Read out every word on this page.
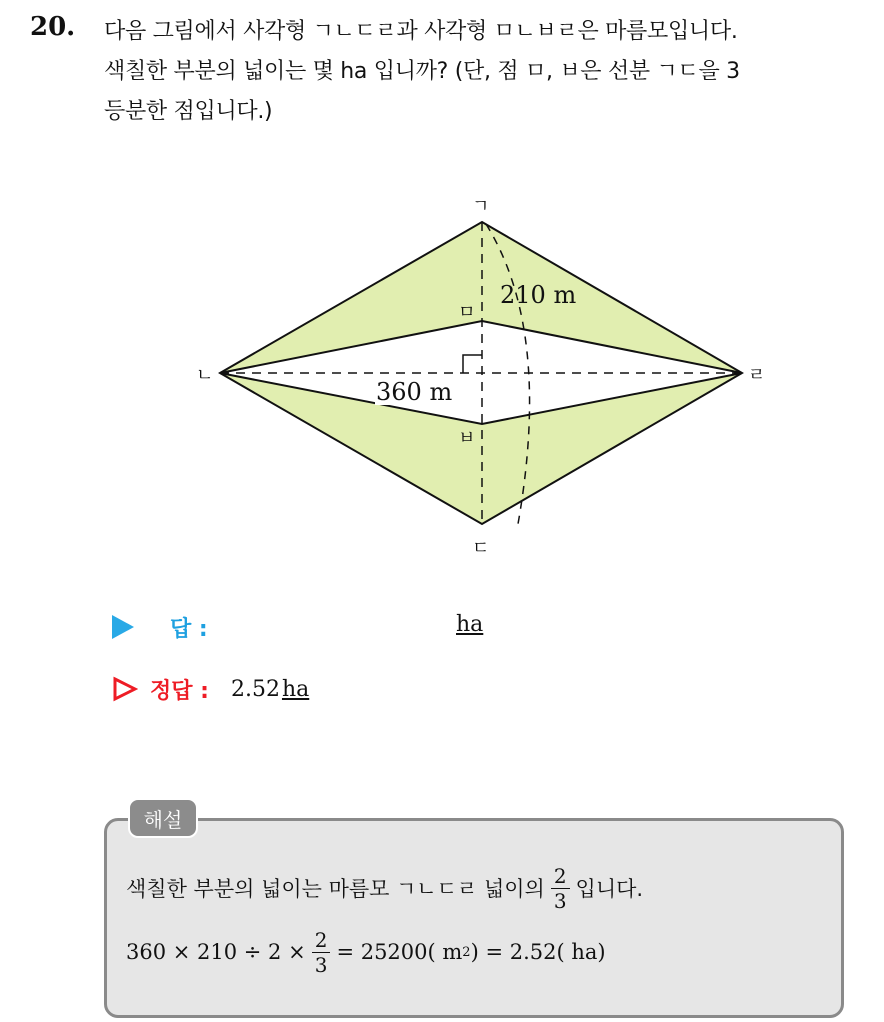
20. 다음 그림에서 사각형 ㄱㄴㄷㄹ과 사각형 ㅁㄴㅂㄹ은 마름모입니다.
색칠한 부분의 넓이는 몇 ha 입니까? (단, 점 ㅁ, ㅂ은 선분 ㄱㄷ을 3
등분한 점입니다.)
210 m
360 m
ㄱ
ㄴ
ㄷ
ㄹ
ㅁ
ㅂ
답 :	ha
정답 : 2.52ha
해설
색칠한 부분의 넓이는 마름모 ㄱㄴㄷㄹ 넓이의 $\frac{2}{3}$ 입니다.
$360 \times 210 \div 2 \times \frac{2}{3} = 25200$( m 2 ) = 2.52( ha)
